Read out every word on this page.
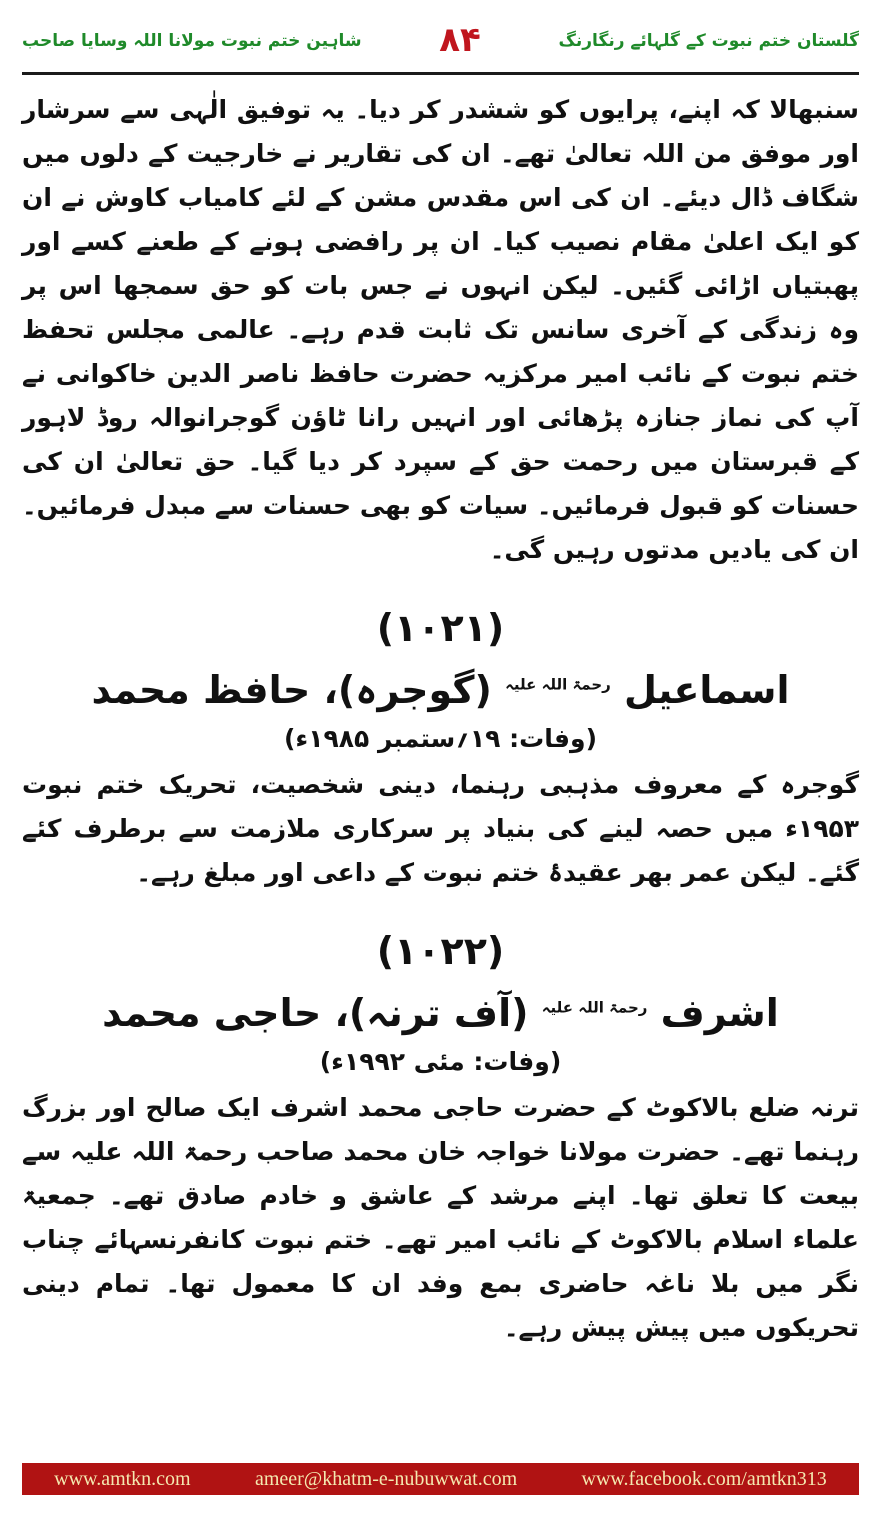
شاہین ختم نبوت مولانا اللہ وسایا صاحب ۸۴	گلستان ختم نبوت کے گلہائے رنگارنگ

سنبھالا کہ اپنے، پرایوں کو ششدر کر دیا۔ یہ توفیق الٰہی سے سرشار اور موفق من اللہ تعالیٰ تھے۔ ان کی تقاریر نے خارجیت کے دلوں میں شگاف ڈال دیئے۔ ان کی اس مقدس مشن کے لئے کامیاب کاوش نے ان کو ایک اعلیٰ مقام نصیب کیا۔ ان پر رافضی ہونے کے طعنے کسے اور پھبتیاں اڑائی گئیں۔ لیکن انہوں نے جس بات کو حق سمجھا اس پر وہ زندگی کے آخری سانس تک ثابت قدم رہے۔ عالمی مجلس تحفظ ختم نبوت کے نائب امیر مرکزیہ حضرت حافظ ناصر الدین خاکوانی نے آپ کی نماز جنازہ پڑھائی اور انہیں رانا ٹاؤن گوجرانوالہ روڈ لاہور کے قبرستان میں رحمت حق کے سپرد کر دیا گیا۔ حق تعالیٰ ان کی حسنات کو قبول فرمائیں۔ سیات کو بھی حسنات سے مبدل فرمائیں۔ ان کی یادیں مدتوں رہیں گی۔

(۱۰۲۱)
اسماعیل $^{رحمۃ اللہ علیہ}$ (گوجرہ)، حافظ محمد
(وفات: ۱۹؍ستمبر ۱۹۸۵ء)

گوجرہ کے معروف مذہبی رہنما، دینی شخصیت، تحریک ختم نبوت ۱۹۵۳ء میں حصہ لینے کی بنیاد پر سرکاری ملازمت سے برطرف کئے گئے۔ لیکن عمر بھر عقیدۂ ختم نبوت کے داعی اور مبلغ رہے۔

(۱۰۲۲)
اشرف $^{رحمۃ اللہ علیہ}$ (آف ترنہ)، حاجی محمد
(وفات: مئی ۱۹۹۲ء)

ترنہ ضلع بالاکوٹ کے حضرت حاجی محمد اشرف ایک صالح اور بزرگ رہنما تھے۔ حضرت مولانا خواجہ خان محمد صاحب رحمۃ اللہ علیہ سے بیعت کا تعلق تھا۔ اپنے مرشد کے عاشق و خادم صادق تھے۔ جمعیۃ علماء اسلام بالاکوٹ کے نائب امیر تھے۔ ختم نبوت کانفرنسہائے چناب نگر میں بلا ناغہ حاضری بمع وفد ان کا معمول تھا۔ تمام دینی تحریکوں میں پیش پیش رہے۔

www.amtkn.com	ameer@khatm-e-nubuwwat.com	www.facebook.com/amtkn313
